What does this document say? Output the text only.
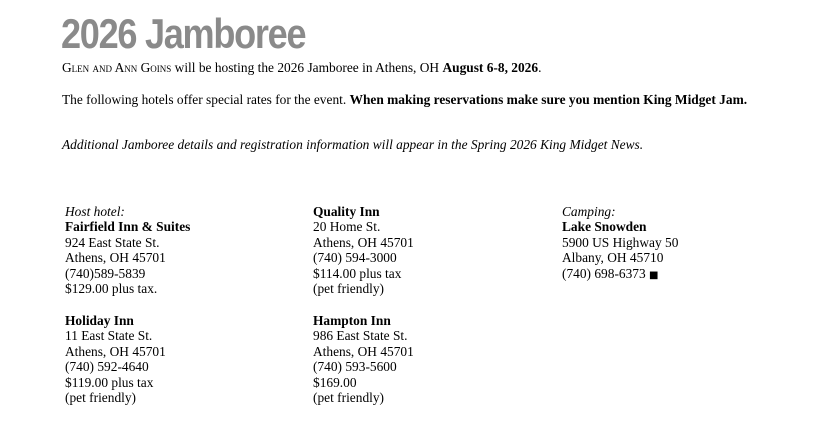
2026 Jamboree
Glen and Ann Goins will be hosting the 2026 Jamboree in Athens, OH August 6-8, 2026.
The following hotels offer special rates for the event. When making reservations make sure you mention King Midget Jam.
Additional Jamboree details and registration information will appear in the Spring 2026 King Midget News.
Host hotel:
Fairfield Inn & Suites
924 East State St.
Athens, OH 45701
(740)589-5839
$129.00 plus tax.
Quality Inn
20 Home St.
Athens, OH 45701
(740) 594-3000
$114.00 plus tax
(pet friendly)
Camping:
Lake Snowden
5900 US Highway 50
Albany, OH 45710
(740) 698-6373 ■
Holiday Inn
11 East State St.
Athens, OH 45701
(740) 592-4640
$119.00 plus tax
(pet friendly)
Hampton Inn
986 East State St.
Athens, OH 45701
(740) 593-5600
$169.00
(pet friendly)
